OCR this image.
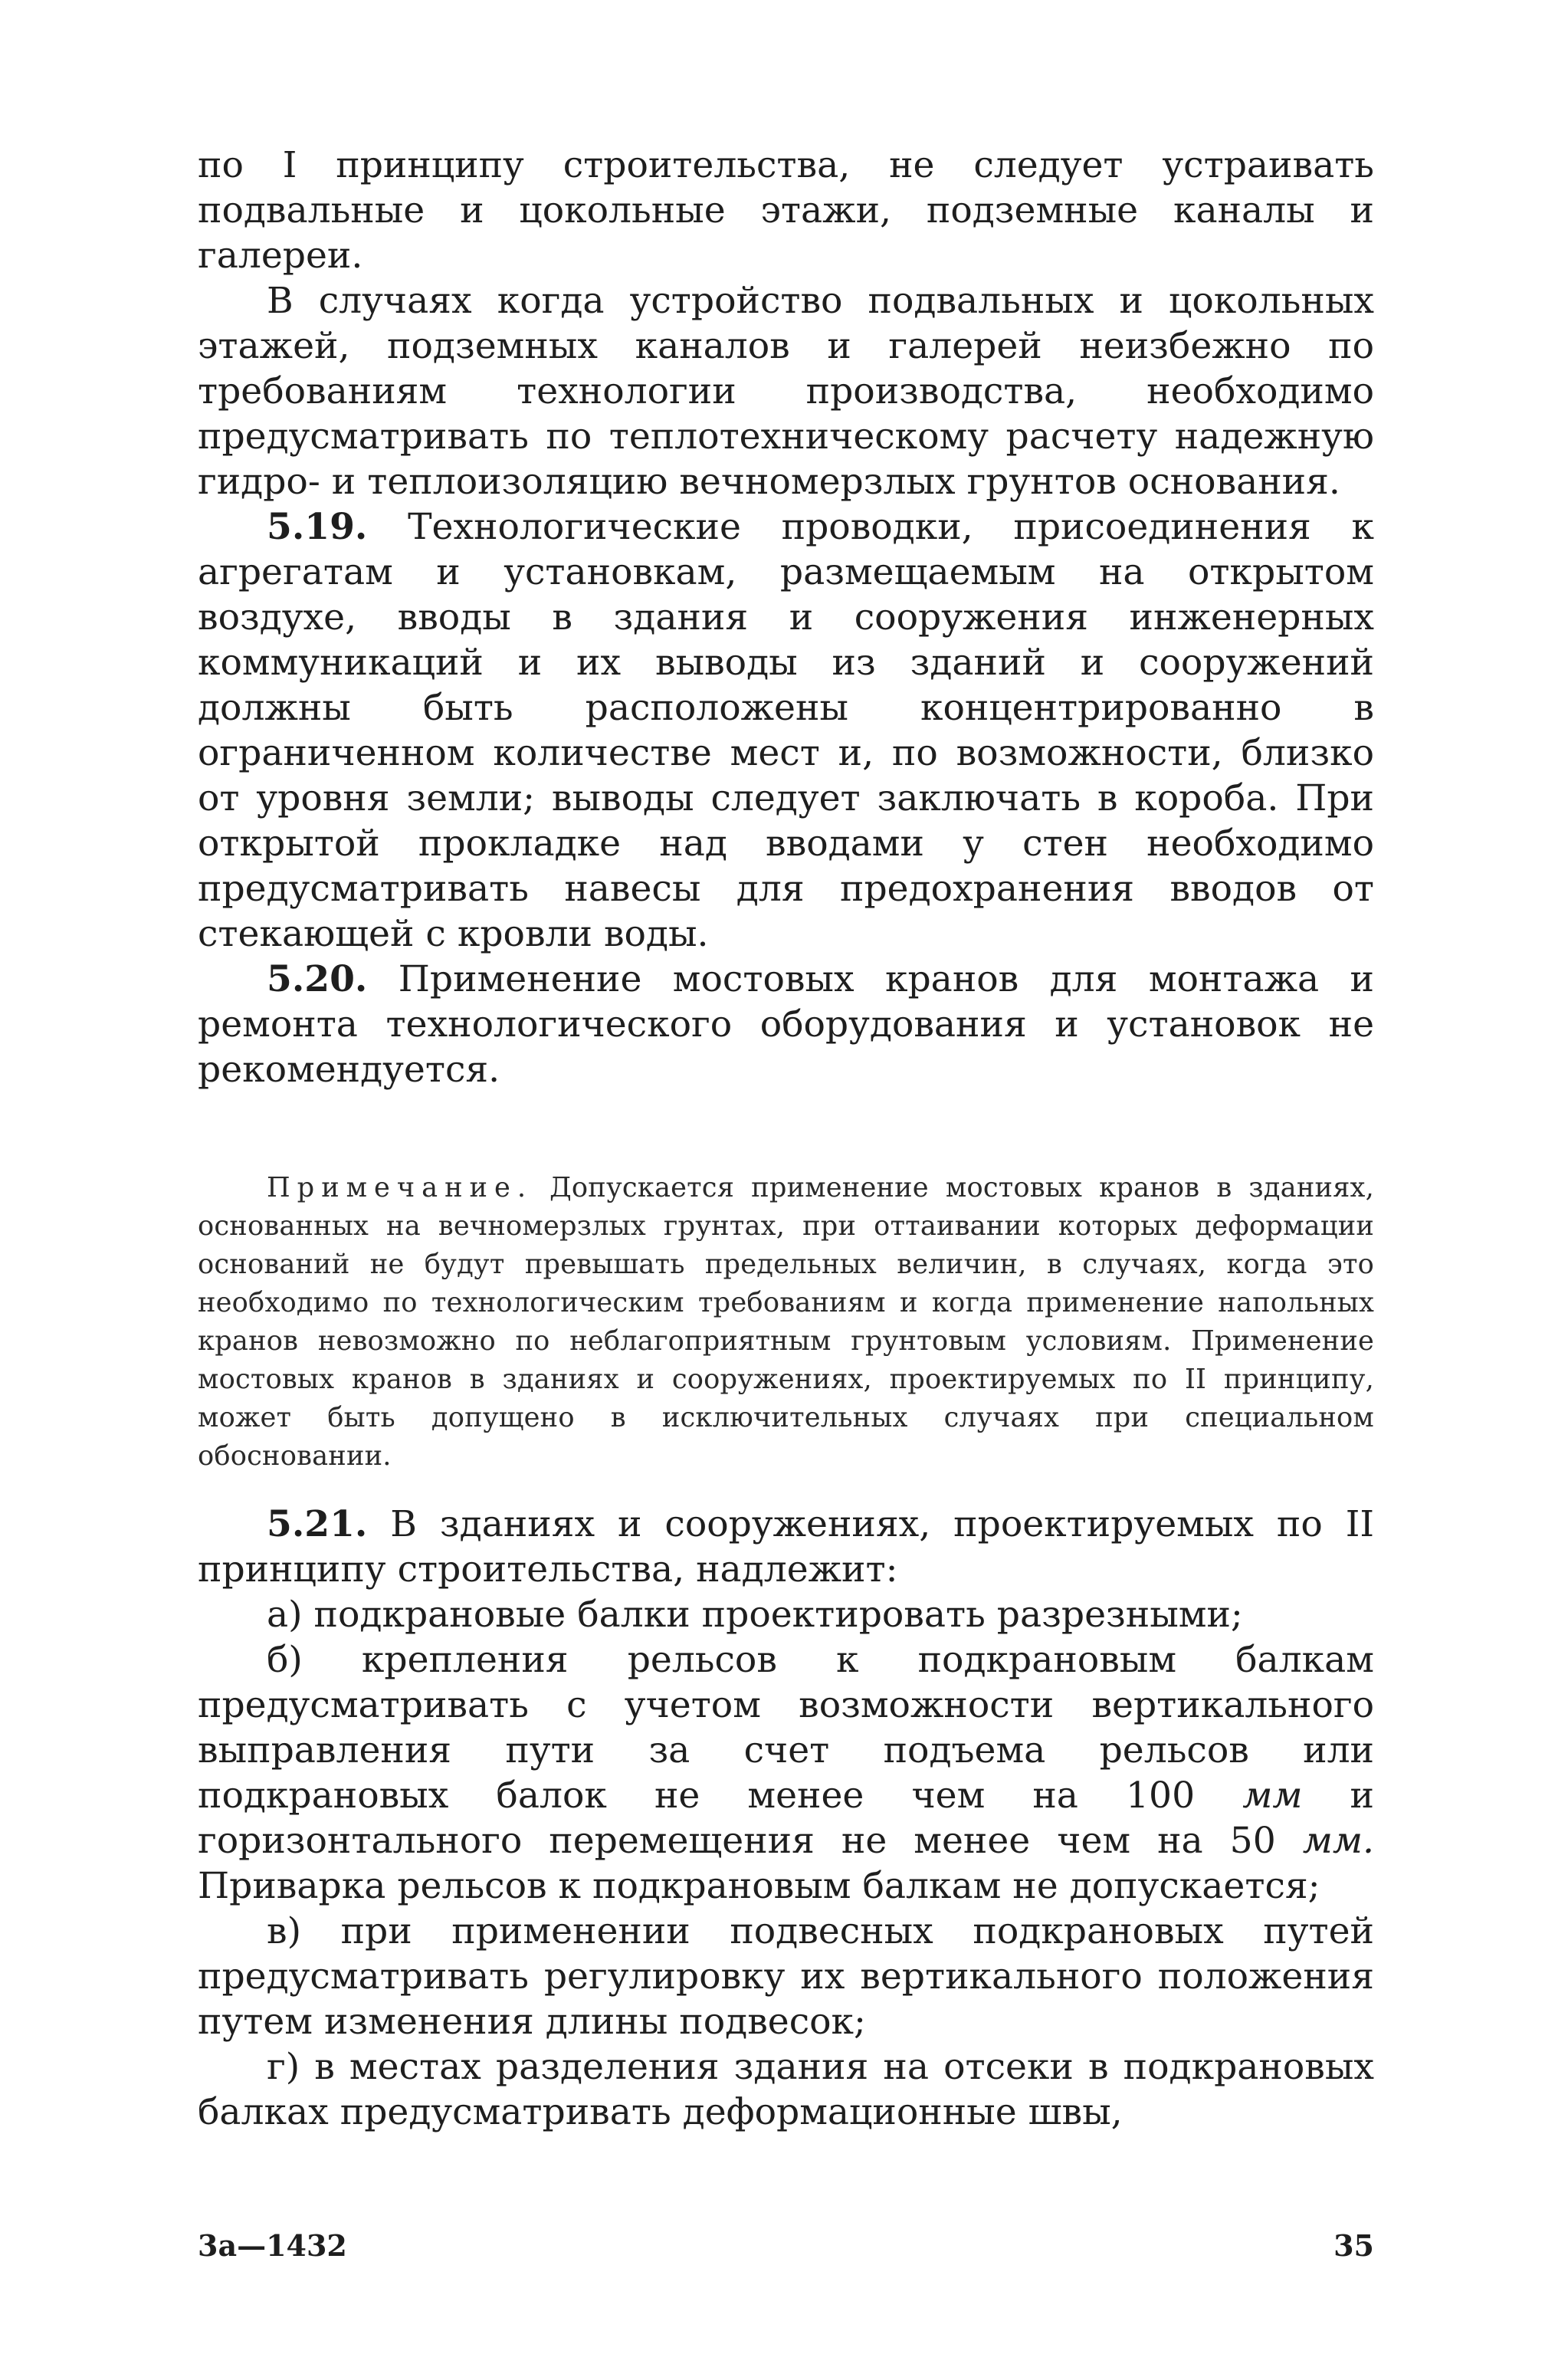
по I принципу строительства, не следует устраивать подвальные и цокольные этажи, подземные каналы и галереи.

В случаях когда устройство подвальных и цокольных этажей, подземных каналов и галерей неизбежно по требованиям технологии производства, необходимо предусматривать по теплотехническому расчету надежную гидро- и теплоизоляцию вечномерзлых грунтов основания.

5.19. Технологические проводки, присоединения к агрегатам и установкам, размещаемым на открытом воздухе, вводы в здания и сооружения инженерных коммуникаций и их выводы из зданий и сооружений должны быть расположены концентрированно в ограниченном количестве мест и, по возможности, близко от уровня земли; выводы следует заключать в короба. При открытой прокладке над вводами у стен необходимо предусматривать навесы для предохранения вводов от стекающей с кровли воды.

5.20. Применение мостовых кранов для монтажа и ремонта технологического оборудования и установок не рекомендуется.

Примечание. Допускается применение мостовых кранов в зданиях, основанных на вечномерзлых грунтах, при оттаивании которых деформации оснований не будут превышать предельных величин, в случаях, когда это необходимо по технологическим требованиям и когда применение напольных кранов невозможно по неблагоприятным грунтовым условиям. Применение мостовых кранов в зданиях и сооружениях, проектируемых по II принципу, может быть допущено в исключительных случаях при специальном обосновании.

5.21. В зданиях и сооружениях, проектируемых по II принципу строительства, надлежит:

а) подкрановые балки проектировать разрезными;

б) крепления рельсов к подкрановым балкам предусматривать с учетом возможности вертикального выправления пути за счет подъема рельсов или подкрановых балок не менее чем на 100 мм и горизонтального перемещения не менее чем на 50 мм. Приварка рельсов к подкрановым балкам не допускается;

в) при применении подвесных подкрановых путей предусматривать регулировку их вертикального положения путем изменения длины подвесок;

г) в местах разделения здания на отсеки в подкрановых балках предусматривать деформационные швы,

3a—1432	35
